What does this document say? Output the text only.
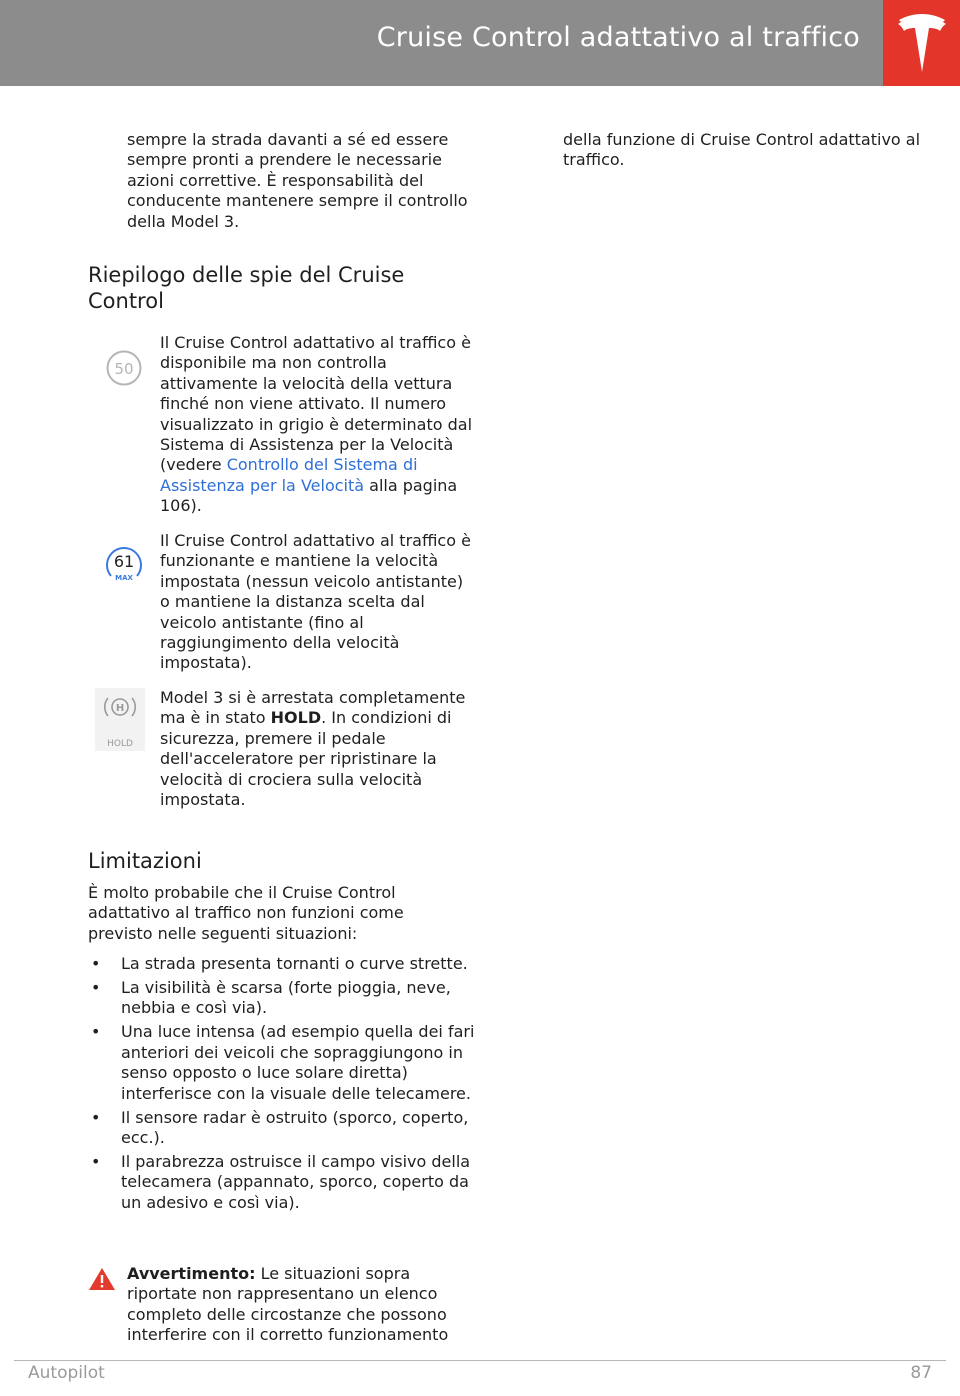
Cruise Control adattativo al traffico

sempre la strada davanti a sé ed essere sempre pronti a prendere le necessarie azioni correttive. È responsabilità del conducente mantenere sempre il controllo della Model 3.

della funzione di Cruise Control adattativo al traffico.

Riepilogo delle spie del Cruise Control
50

Il Cruise Control adattativo al traffico è disponibile ma non controlla attivamente la velocità della vettura finché non viene attivato. Il numero visualizzato in grigio è determinato dal Sistema di Assistenza per la Velocità (vedere Controllo del Sistema di Assistenza per la Velocità alla pagina 106).

61
MAX

Il Cruise Control adattativo al traffico è funzionante e mantiene la velocità impostata (nessun veicolo antistante) o mantiene la distanza scelta dal veicolo antistante (fino al raggiungimento della velocità impostata).

H
HOLD

Model 3 si è arrestata completamente ma è in stato HOLD. In condizioni di sicurezza, premere il pedale dell'acceleratore per ripristinare la velocità di crociera sulla velocità impostata.

Limitazioni

È molto probabile che il Cruise Control adattativo al traffico non funzioni come previsto nelle seguenti situazioni:

• La strada presenta tornanti o curve strette.
• La visibilità è scarsa (forte pioggia, neve, nebbia e così via).
• Una luce intensa (ad esempio quella dei fari anteriori dei veicoli che sopraggiungono in senso opposto o luce solare diretta) interferisce con la visuale delle telecamere.
• Il sensore radar è ostruito (sporco, coperto, ecc.).
• Il parabrezza ostruisce il campo visivo della telecamera (appannato, sporco, coperto da un adesivo e così via).

Avvertimento: Le situazioni sopra riportate non rappresentano un elenco completo delle circostanze che possono interferire con il corretto funzionamento

Autopilot	87
